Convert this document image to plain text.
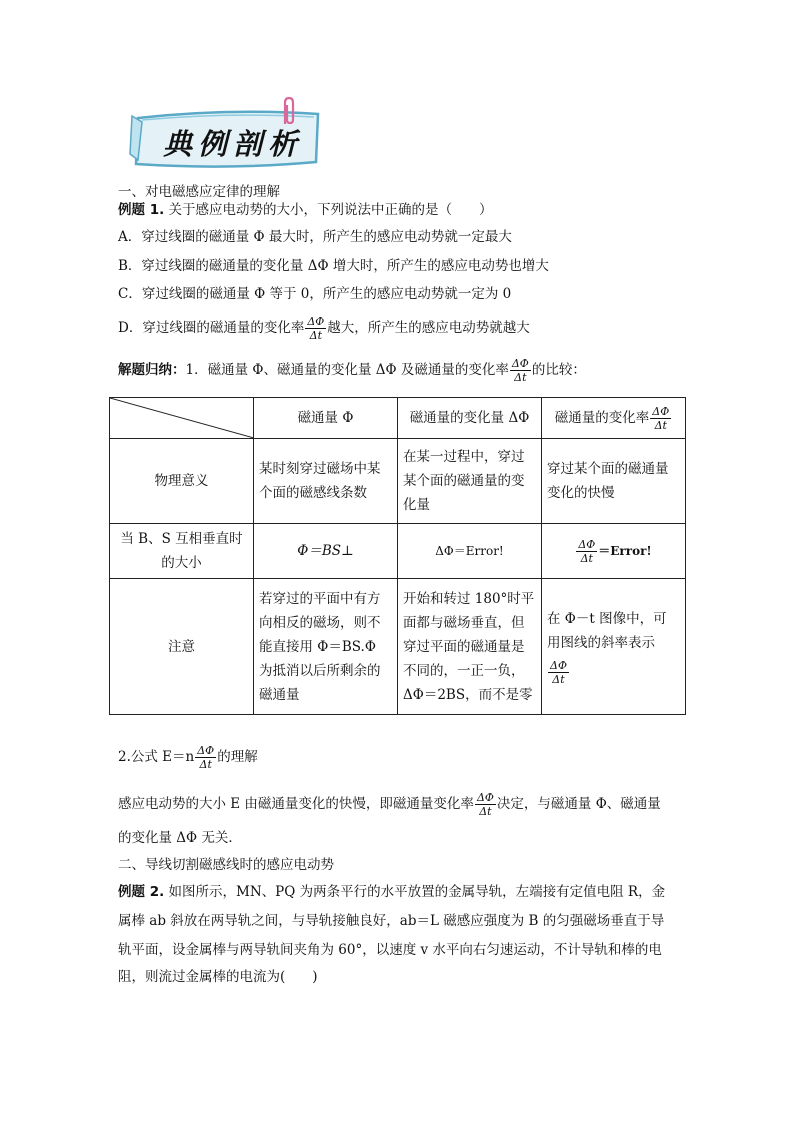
典例剖析
一、对电磁感应定律的理解
例题 1. 关于感应电动势的大小，下列说法中正确的是（　　）
A．穿过线圈的磁通量 Φ 最大时，所产生的感应电动势就一定最大
B．穿过线圈的磁通量的变化量 ΔΦ 增大时，所产生的感应电动势也增大
C．穿过线圈的磁通量 Φ 等于 0，所产生的感应电动势就一定为 0
D．穿过线圈的磁通量的变化率 $\frac{\Delta\Phi}{\Delta t}$ 越大，所产生的感应电动势就越大
解题归纳：1．磁通量 Φ、磁通量的变化量 ΔΦ 及磁通量的变化率 $\frac{\Delta\Phi}{\Delta t}$ 的比较：
	磁通量 Φ	磁通量的变化量 ΔΦ	磁通量的变化率 $\frac{\Delta\Phi}{\Delta t}$

物理意义	某时刻穿过磁场中某个面的磁感线条数	在某一过程中，穿过某个面的磁通量的变化量	穿过某个面的磁通量变化的快慢
当 B、S 互相垂直时的大小	Φ＝BS⊥	ΔΦ＝Error!	$\frac{\Delta\Phi}{\Delta t}$ ＝Error!
注意	若穿过的平面中有方向相反的磁场，则不能直接用 Φ＝BS.Φ 为抵消以后所剩余的磁通量	开始和转过 180°时平面都与磁场垂直，但穿过平面的磁通量是不同的，一正一负，ΔΦ＝2BS，而不是零	在 Φ－t 图像中，可用图线的斜率表示
$\frac{\Delta\Phi}{\Delta t}$
2.公式 $E=n \frac{\Delta\Phi}{\Delta t}$ 的理解
感应电动势的大小 E 由磁通量变化的快慢，即磁通量变化率 $\frac{\Delta\Phi}{\Delta t}$ 决定，与磁通量 Φ、磁通量
的变化量 ΔΦ 无关．
二、导线切割磁感线时的感应电动势
例题 2. 如图所示，MN、PQ 为两条平行的水平放置的金属导轨，左端接有定值电阻 R，金
属棒 ab 斜放在两导轨之间，与导轨接触良好，ab＝L 磁感应强度为 B 的匀强磁场垂直于导
轨平面，设金属棒与两导轨间夹角为 60°，以速度 v 水平向右匀速运动，不计导轨和棒的电
阻，则流过金属棒的电流为(　　)
